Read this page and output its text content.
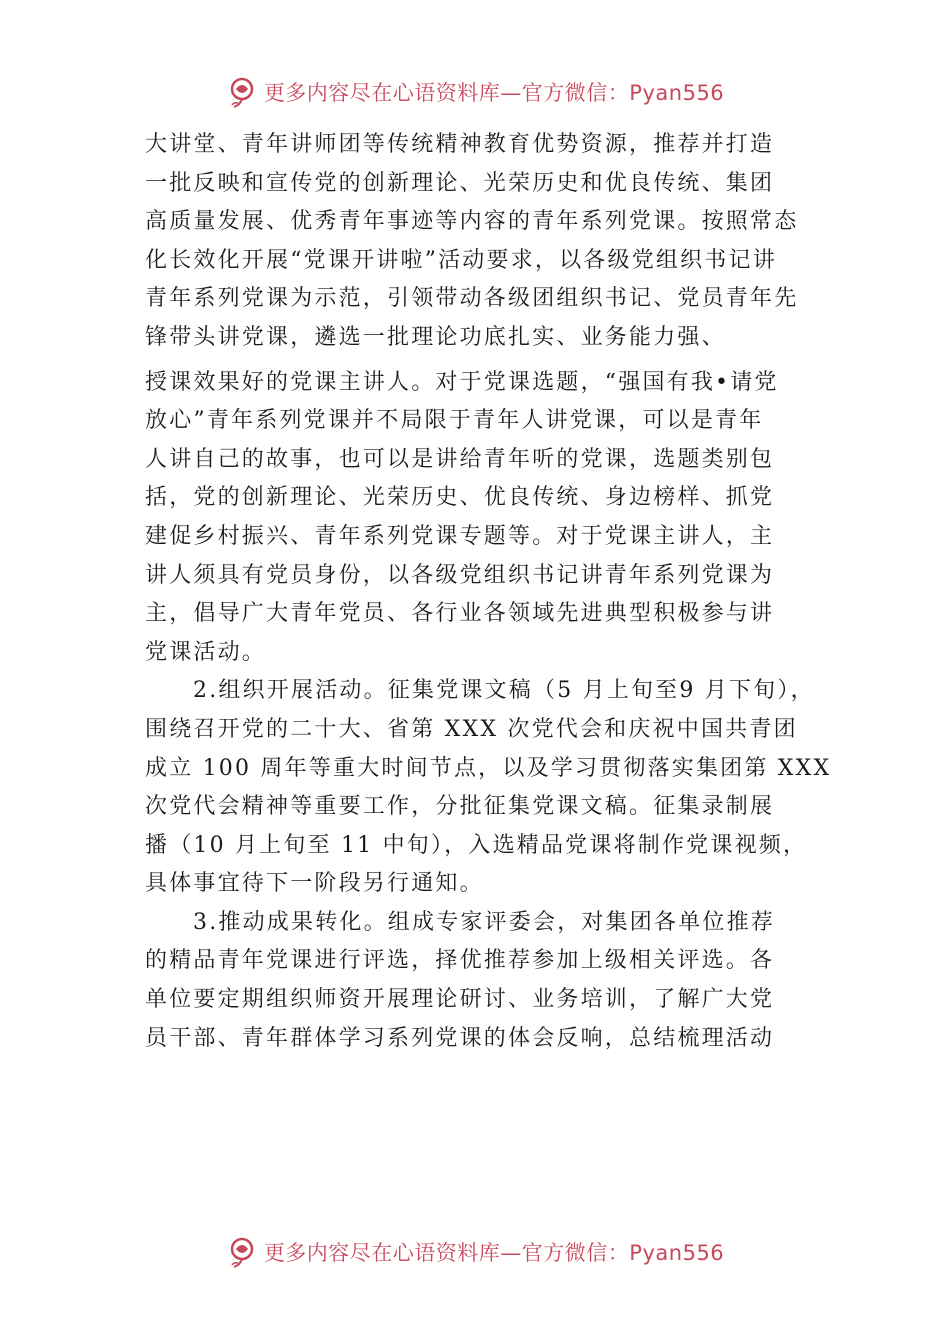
更多内容尽在心语资料库—官方微信：Pyan556
大讲堂、青年讲师团等传统精神教育优势资源，推荐并打造
一批反映和宣传党的创新理论、光荣历史和优良传统、集团
高质量发展、优秀青年事迹等内容的青年系列党课。按照常态
化长效化开展“党课开讲啦”活动要求，以各级党组织书记讲
青年系列党课为示范，引领带动各级团组织书记、党员青年先
锋带头讲党课，遴选一批理论功底扎实、业务能力强、
授课效果好的党课主讲人。对于党课选题，“强国有我•请党
放心”青年系列党课并不局限于青年人讲党课，可以是青年
人讲自己的故事，也可以是讲给青年听的党课，选题类别包
括，党的创新理论、光荣历史、优良传统、身边榜样、抓党
建促乡村振兴、青年系列党课专题等。对于党课主讲人，主
讲人须具有党员身份，以各级党组织书记讲青年系列党课为
主，倡导广大青年党员、各行业各领域先进典型积极参与讲
党课活动。
2.组织开展活动。征集党课文稿（5 月上旬至9 月下旬），
围绕召开党的二十大、省第 XXX 次党代会和庆祝中国共青团
成立 100 周年等重大时间节点，以及学习贯彻落实集团第 XXX
次党代会精神等重要工作，分批征集党课文稿。征集录制展
播（10 月上旬至 11 中旬），入选精品党课将制作党课视频，
具体事宜待下一阶段另行通知。
3.推动成果转化。组成专家评委会，对集团各单位推荐
的精品青年党课进行评选，择优推荐参加上级相关评选。各
单位要定期组织师资开展理论研讨、业务培训，了解广大党
员干部、青年群体学习系列党课的体会反响，总结梳理活动
更多内容尽在心语资料库—官方微信：Pyan556
